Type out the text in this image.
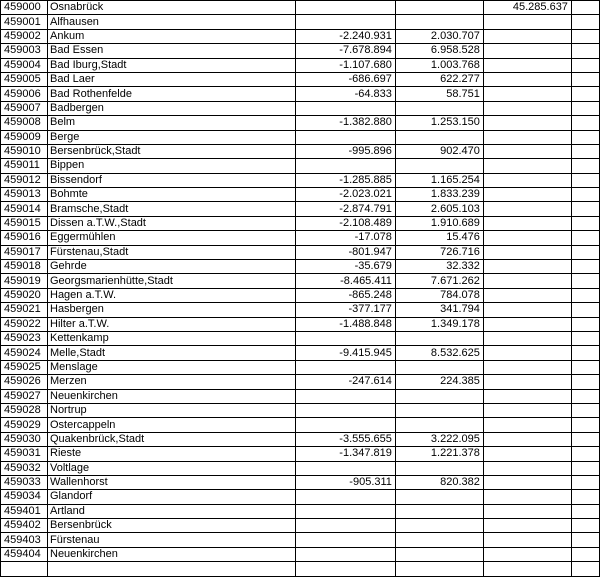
459000	Osnabrück			45.285.637	
459001	Alfhausen				
459002	Ankum	-2.240.931	2.030.707		
459003	Bad Essen	-7.678.894	6.958.528		
459004	Bad Iburg,Stadt	-1.107.680	1.003.768		
459005	Bad Laer	-686.697	622.277		
459006	Bad Rothenfelde	-64.833	58.751		
459007	Badbergen				
459008	Belm	-1.382.880	1.253.150		
459009	Berge				
459010	Bersenbrück,Stadt	-995.896	902.470		
459011	Bippen				
459012	Bissendorf	-1.285.885	1.165.254		
459013	Bohmte	-2.023.021	1.833.239		
459014	Bramsche,Stadt	-2.874.791	2.605.103		
459015	Dissen a.T.W.,Stadt	-2.108.489	1.910.689		
459016	Eggermühlen	-17.078	15.476		
459017	Fürstenau,Stadt	-801.947	726.716		
459018	Gehrde	-35.679	32.332		
459019	Georgsmarienhütte,Stadt	-8.465.411	7.671.262		
459020	Hagen a.T.W.	-865.248	784.078		
459021	Hasbergen	-377.177	341.794		
459022	Hilter a.T.W.	-1.488.848	1.349.178		
459023	Kettenkamp				
459024	Melle,Stadt	-9.415.945	8.532.625		
459025	Menslage				
459026	Merzen	-247.614	224.385		
459027	Neuenkirchen				
459028	Nortrup				
459029	Ostercappeln				
459030	Quakenbrück,Stadt	-3.555.655	3.222.095		
459031	Rieste	-1.347.819	1.221.378		
459032	Voltlage				
459033	Wallenhorst	-905.311	820.382		
459034	Glandorf				
459401	Artland				
459402	Bersenbrück				
459403	Fürstenau				
459404	Neuenkirchen				
